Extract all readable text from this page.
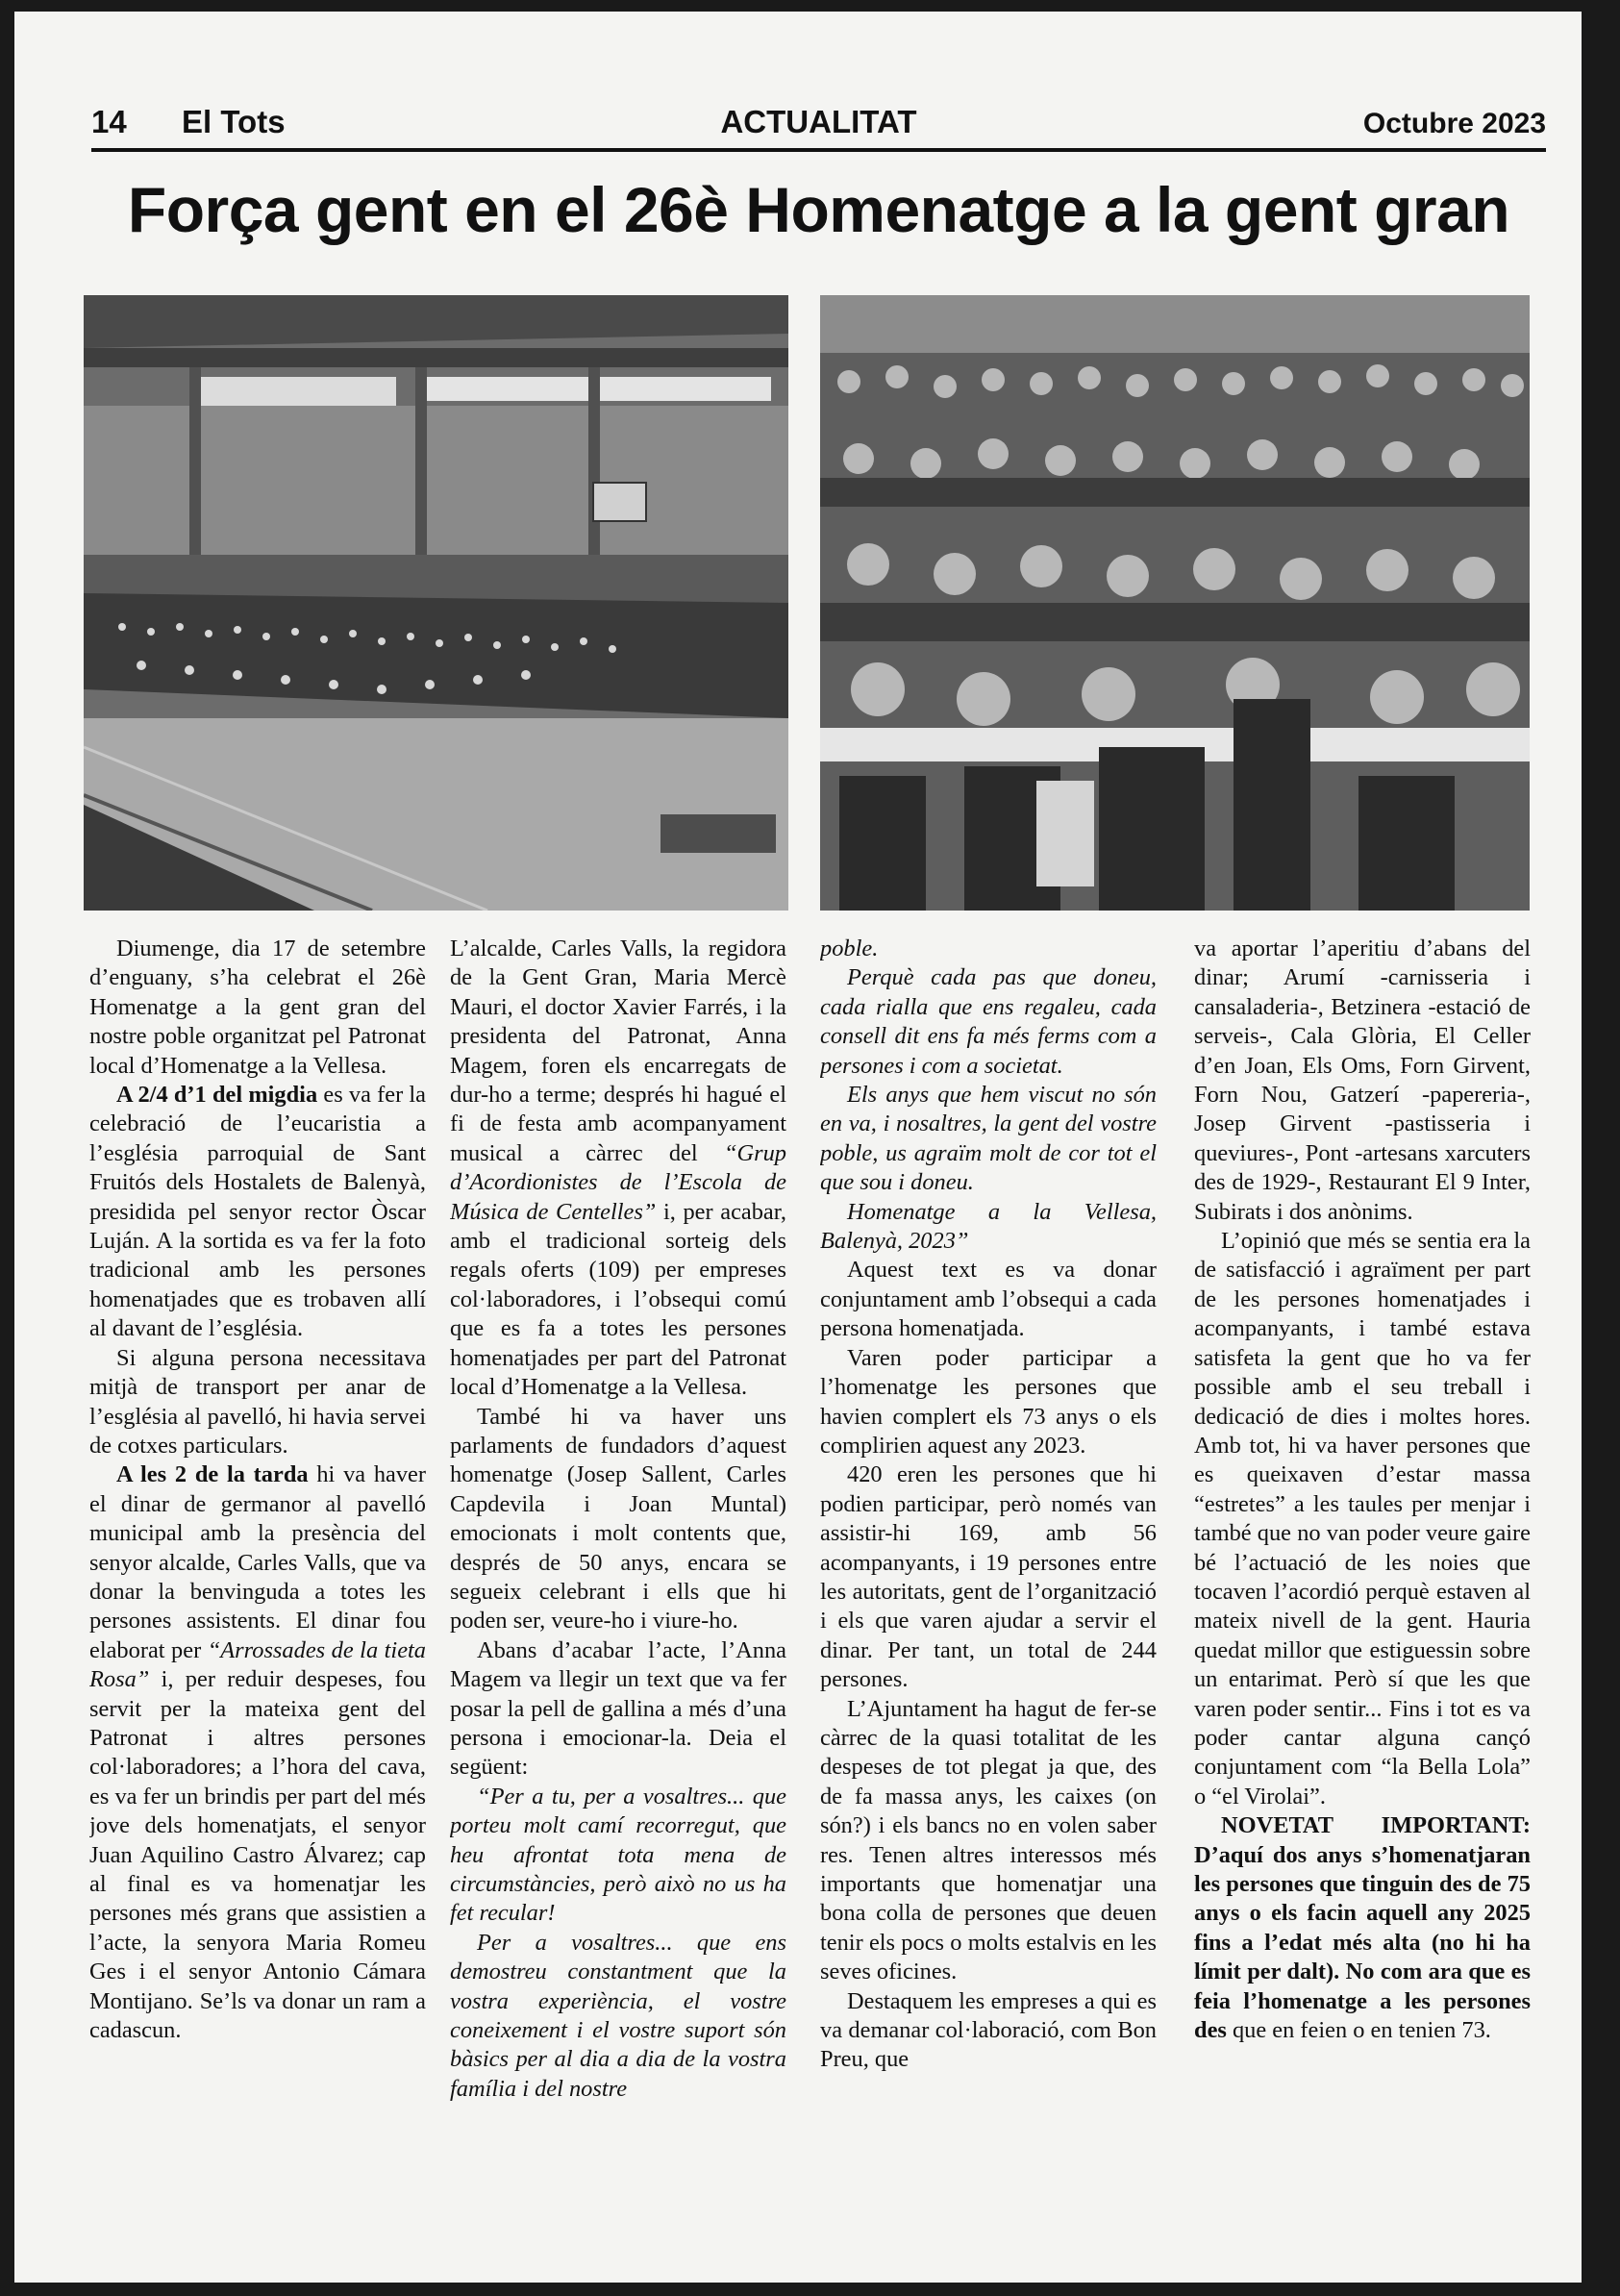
14 El Tots	ACTUALITAT	Octubre 2023
Força gent en el 26è Homenatge a la gent gran

Diumenge, dia 17 de setembre d’enguany, s’ha celebrat el 26è Homenatge a la gent gran del nostre poble organitzat pel Patronat local d’Homenatge a la Vellesa.

A 2/4 d’1 del migdia es va fer la celebració de l’eucaristia a l’església parroquial de Sant Fruitós dels Hostalets de Balenyà, presidida pel senyor rector Òscar Luján. A la sortida es va fer la foto tradicional amb les persones homenatjades que es trobaven allí al davant de l’església.

Si alguna persona necessitava mitjà de transport per anar de l’església al pavelló, hi havia servei de cotxes particulars.

A les 2 de la tarda hi va haver el dinar de germanor al pavelló municipal amb la presència del senyor alcalde, Carles Valls, que va donar la benvinguda a totes les persones assistents. El dinar fou elaborat per “Arrossades de la tieta Rosa” i, per reduir despeses, fou servit per la mateixa gent del Patronat i altres persones col·laboradores; a l’hora del cava, es va fer un brindis per part del més jove dels homenatjats, el senyor Juan Aquilino Castro Álvarez; cap al final es va homenatjar les persones més grans que assistien a l’acte, la senyora Maria Romeu Ges i el senyor Antonio Cámara Montijano. Se’ls va donar un ram a cadascun.

L’alcalde, Carles Valls, la regidora de la Gent Gran, Maria Mercè Mauri, el doctor Xavier Farrés, i la presidenta del Patronat, Anna Magem, foren els encarregats de dur-ho a terme; després hi hagué el fi de festa amb acompanyament musical a càrrec del “Grup d’Acordionistes de l’Escola de Música de Centelles” i, per acabar, amb el tradicional sorteig dels regals oferts (109) per empreses col·laboradores, i l’obsequi comú que es fa a totes les persones homenatjades per part del Patronat local d’Homenatge a la Vellesa.

També hi va haver uns parlaments de fundadors d’aquest homenatge (Josep Sallent, Carles Capdevila i Joan Muntal) emocionats i molt contents que, després de 50 anys, encara se segueix celebrant i ells que hi poden ser, veure-ho i viure-ho.

Abans d’acabar l’acte, l’Anna Magem va llegir un text que va fer posar la pell de gallina a més d’una persona i emocionar-la. Deia el següent:

“Per a tu, per a vosaltres... que porteu molt camí recorregut, que heu afrontat tota mena de circumstàncies, però això no us ha fet recular!

Per a vosaltres... que ens demostreu constantment que la vostra experiència, el vostre coneixement i el vostre suport són bàsics per al dia a dia de la vostra família i del nostre

poble.

Perquè cada pas que doneu, cada rialla que ens regaleu, cada consell dit ens fa més ferms com a persones i com a societat.

Els anys que hem viscut no són en va, i nosaltres, la gent del vostre poble, us agraïm molt de cor tot el que sou i doneu.

Homenatge a la Vellesa, Balenyà, 2023”

Aquest text es va donar conjuntament amb l’obsequi a cada persona homenatjada.

Varen poder participar a l’homenatge les persones que havien complert els 73 anys o els complirien aquest any 2023.

420 eren les persones que hi podien participar, però només van assistir-hi 169, amb 56 acompanyants, i 19 persones entre les autoritats, gent de l’organització i els que varen ajudar a servir el dinar. Per tant, un total de 244 persones.

L’Ajuntament ha hagut de fer-se càrrec de la quasi totalitat de les despeses de tot plegat ja que, des de fa massa anys, les caixes (on són?) i els bancs no en volen saber res. Tenen altres interessos més importants que homenatjar una bona colla de persones que deuen tenir els pocs o molts estalvis en les seves oficines.

Destaquem les empreses a qui es va demanar col·laboració, com Bon Preu, que

va aportar l’aperitiu d’abans del dinar; Arumí -carnisseria i cansaladeria-, Betzinera -estació de serveis-, Cala Glòria, El Celler d’en Joan, Els Oms, Forn Girvent, Forn Nou, Gatzerí -papereria-, Josep Girvent -pastisseria i queviures-, Pont -artesans xarcuters des de 1929-, Restaurant El 9 Inter, Subirats i dos anònims.

L’opinió que més se sentia era la de satisfacció i agraïment per part de les persones homenatjades i acompanyants, i també estava satisfeta la gent que ho va fer possible amb el seu treball i dedicació de dies i moltes hores. Amb tot, hi va haver persones que es queixaven d’estar massa “estretes” a les taules per menjar i també que no van poder veure gaire bé l’actuació de les noies que tocaven l’acordió perquè estaven al mateix nivell de la gent. Hauria quedat millor que estiguessin sobre un entarimat. Però sí que les que varen poder sentir... Fins i tot es va poder cantar alguna cançó conjuntament com “la Bella Lola” o “el Virolai”.

NOVETAT IMPORTANT: D’aquí dos anys s’homenatjaran les persones que tinguin des de 75 anys o els facin aquell any 2025 fins a l’edat més alta (no hi ha límit per dalt). No com ara que es feia l’homenatge a les persones des que en feien o en tenien 73.
